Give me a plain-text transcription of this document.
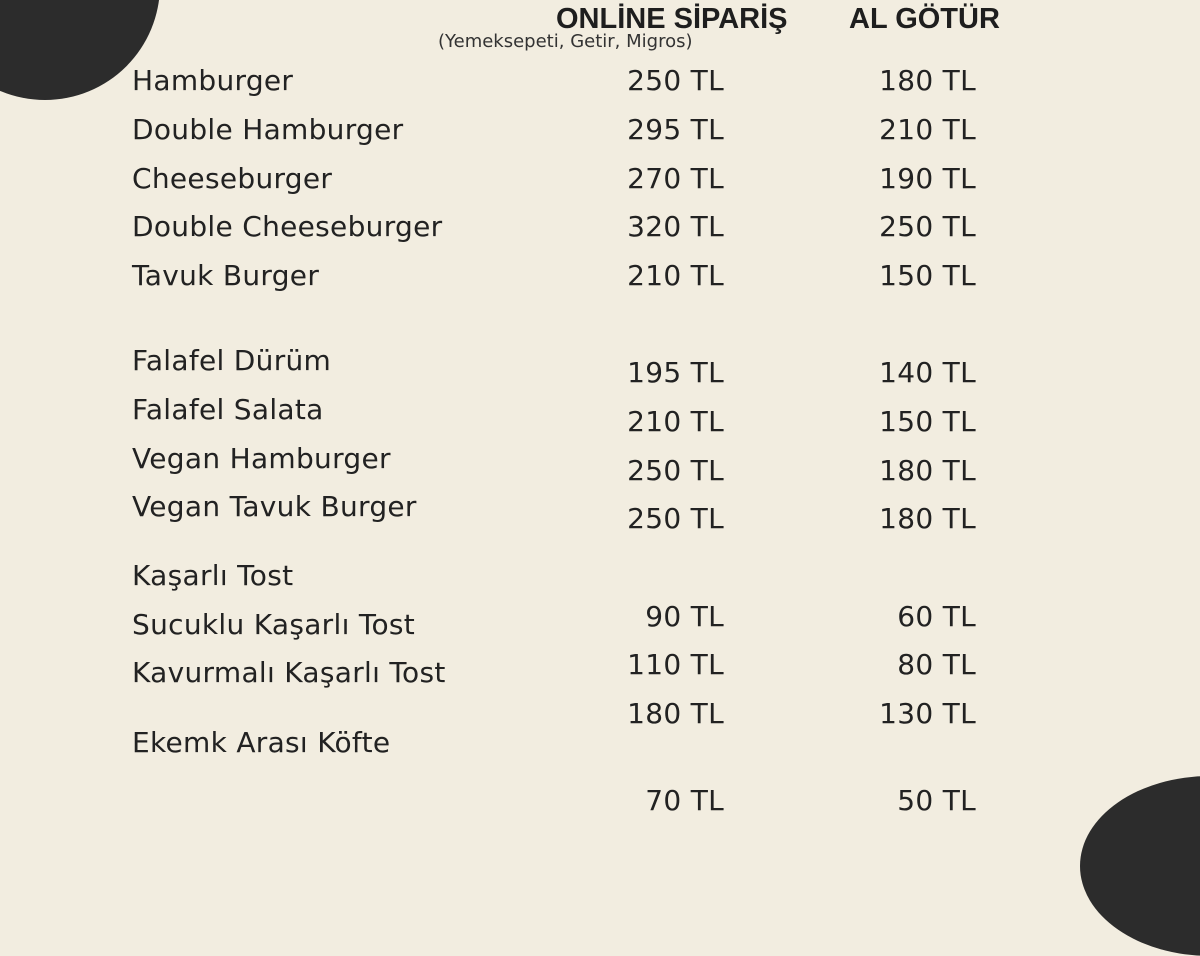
ONLİNE SİPARİŞ
(Yemeksepeti, Getir, Migros)
AL GÖTÜR
Hamburger
Double Hamburger
Cheeseburger
Double Cheeseburger
Tavuk Burger
Falafel Dürüm
Falafel Salata
Vegan Hamburger
Vegan Tavuk Burger
Kaşarlı Tost
Sucuklu Kaşarlı Tost
Kavurmalı Kaşarlı Tost
Ekemk Arası Köfte
250 TL
295 TL
270 TL
320 TL
210 TL
195 TL
210 TL
250 TL
250 TL
90 TL
110 TL
180 TL
70 TL
180 TL
210 TL
190 TL
250 TL
150 TL
140 TL
150 TL
180 TL
180 TL
60 TL
80 TL
130 TL
50 TL
